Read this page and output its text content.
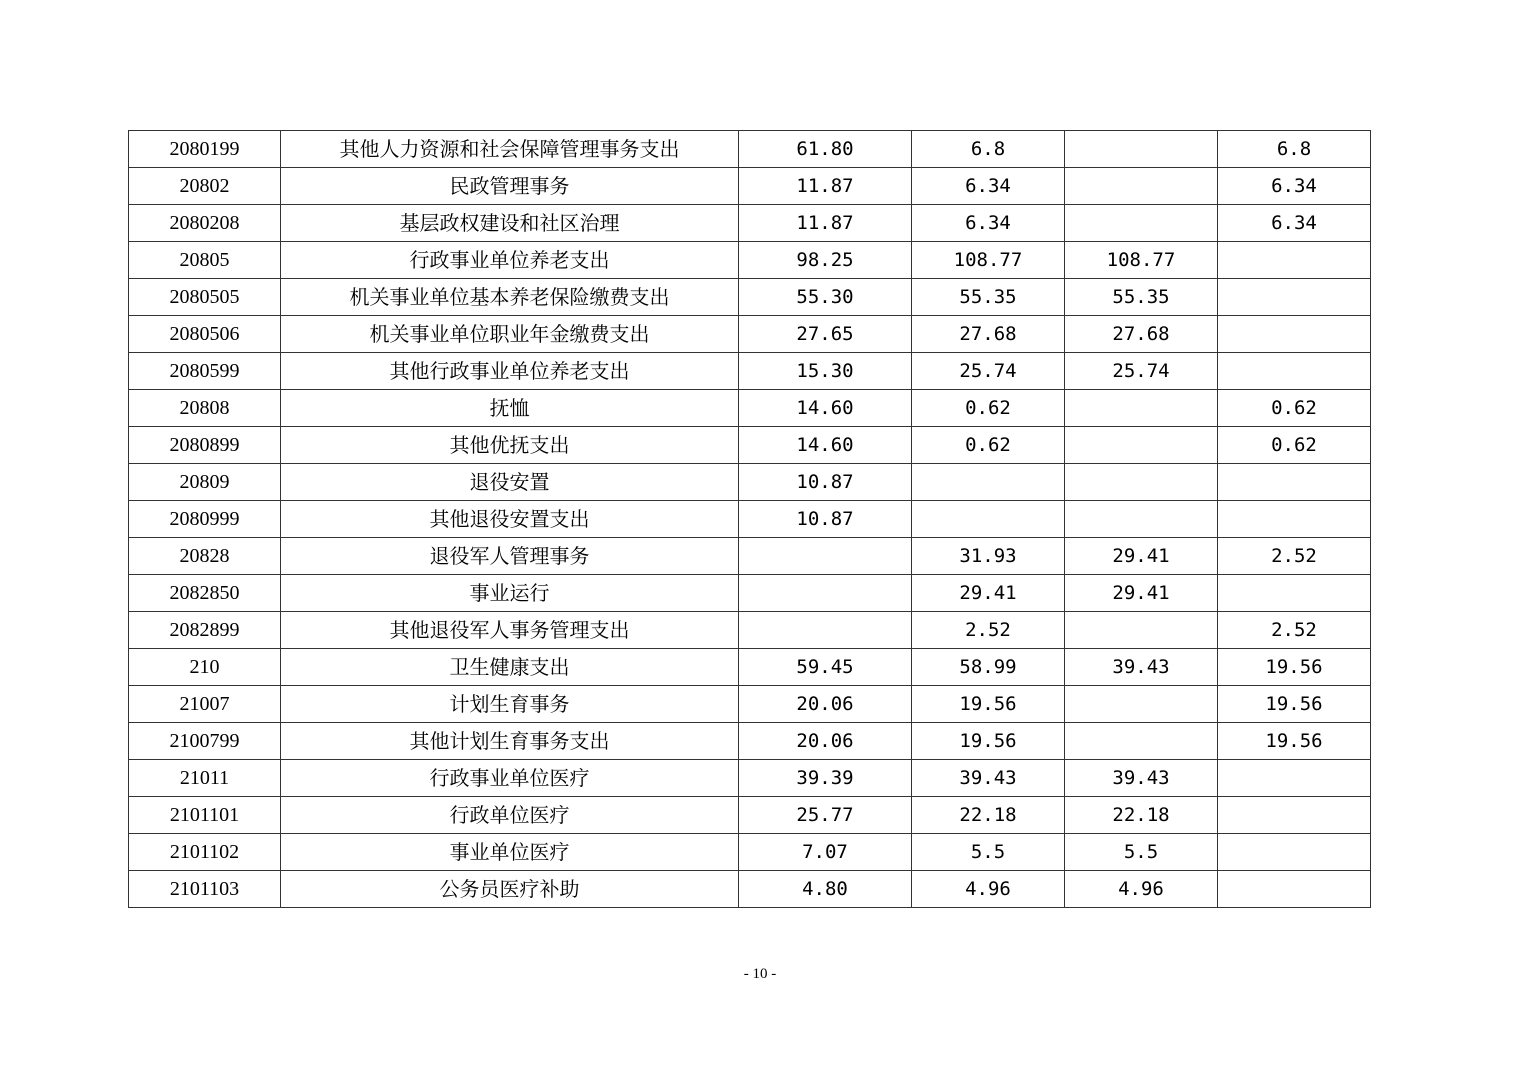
2080199	其他人力资源和社会保障管理事务支出	61.80	6.8		6.8
20802	民政管理事务	11.87	6.34		6.34
2080208	基层政权建设和社区治理	11.87	6.34		6.34
20805	行政事业单位养老支出	98.25	108.77	108.77	
2080505	机关事业单位基本养老保险缴费支出	55.30	55.35	55.35	
2080506	机关事业单位职业年金缴费支出	27.65	27.68	27.68	
2080599	其他行政事业单位养老支出	15.30	25.74	25.74	
20808	抚恤	14.60	0.62		0.62
2080899	其他优抚支出	14.60	0.62		0.62
20809	退役安置	10.87			
2080999	其他退役安置支出	10.87			
20828	退役军人管理事务		31.93	29.41	2.52
2082850	事业运行		29.41	29.41	
2082899	其他退役军人事务管理支出		2.52		2.52
210	卫生健康支出	59.45	58.99	39.43	19.56
21007	计划生育事务	20.06	19.56		19.56
2100799	其他计划生育事务支出	20.06	19.56		19.56
21011	行政事业单位医疗	39.39	39.43	39.43	
2101101	行政单位医疗	25.77	22.18	22.18	
2101102	事业单位医疗	7.07	5.5	5.5	
2101103	公务员医疗补助	4.80	4.96	4.96	
- 10 -
